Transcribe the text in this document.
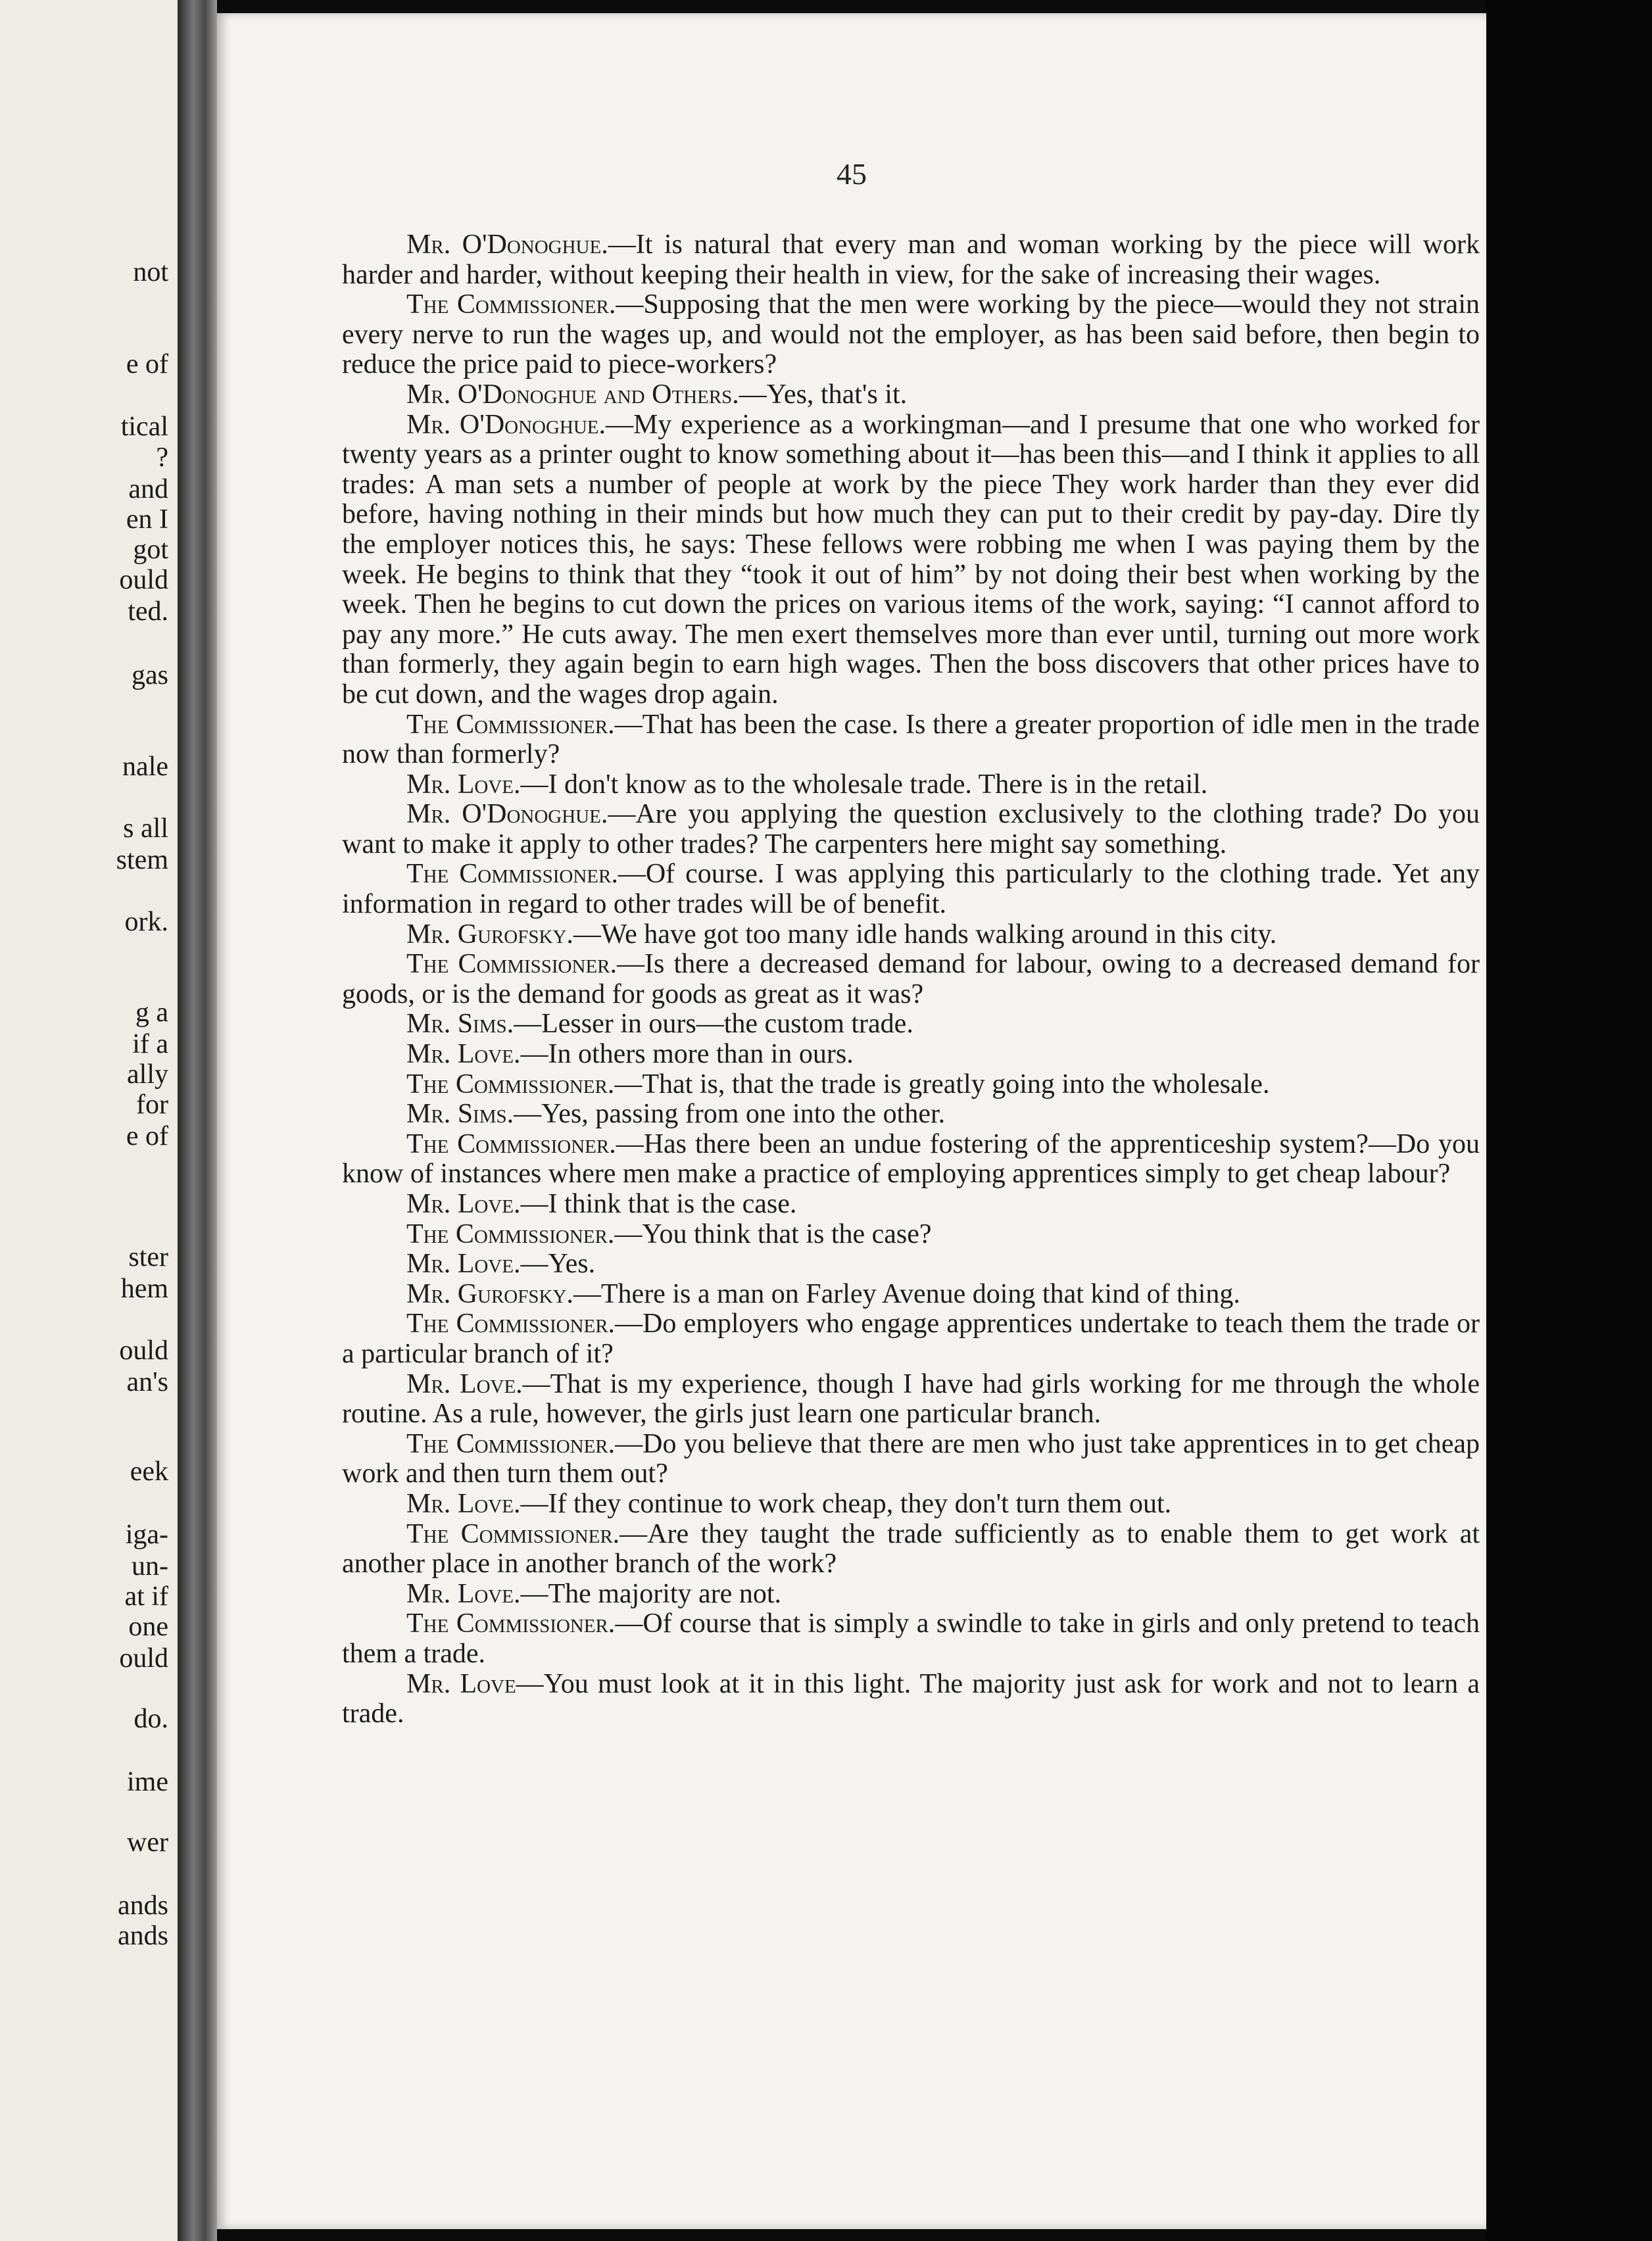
not
e of
tical
?
and
en I
got
ould
ted.
gas
nale
s all
stem
ork.
g a
if a
ally
for
e of
ster
hem
ould
an's
eek
iga-
un-
at if
one
ould
do.
ime
wer
ands
ands
45

Mr. O'Donoghue.—It is natural that every man and woman working by the piece will work harder and harder, without keeping their health in view, for the sake of increasing their wages.

The Commissioner.—Supposing that the men were working by the piece—would they not strain every nerve to run the wages up, and would not the employer, as has been said before, then begin to reduce the price paid to piece-workers?

Mr. O'Donoghue and Others.—Yes, that's it.

Mr. O'Donoghue.—My experience as a workingman—and I presume that one who worked for twenty years as a printer ought to know something about it—has been this—and I think it applies to all trades: A man sets a number of people at work by the piece They work harder than they ever did before, having nothing in their minds but how much they can put to their credit by pay-day. Dire tly the employer notices this, he says: These fellows were robbing me when I was paying them by the week. He begins to think that they “took it out of him” by not doing their best when working by the week. Then he begins to cut down the prices on various items of the work, saying: “I cannot afford to pay any more.” He cuts away. The men exert themselves more than ever until, turning out more work than formerly, they again begin to earn high wages. Then the boss discovers that other prices have to be cut down, and the wages drop again.

The Commissioner.—That has been the case. Is there a greater proportion of idle men in the trade now than formerly?

Mr. Love.—I don't know as to the wholesale trade. There is in the retail.

Mr. O'Donoghue.—Are you applying the question exclusively to the clothing trade? Do you want to make it apply to other trades? The carpenters here might say something.

The Commissioner.—Of course. I was applying this particularly to the clothing trade. Yet any information in regard to other trades will be of benefit.

Mr. Gurofsky.—We have got too many idle hands walking around in this city.

The Commissioner.—Is there a decreased demand for labour, owing to a decreased demand for goods, or is the demand for goods as great as it was?

Mr. Sims.—Lesser in ours—the custom trade.

Mr. Love.—In others more than in ours.

The Commissioner.—That is, that the trade is greatly going into the wholesale.

Mr. Sims.—Yes, passing from one into the other.

The Commissioner.—Has there been an undue fostering of the apprenticeship system?—Do you know of instances where men make a practice of employing apprentices simply to get cheap labour?

Mr. Love.—I think that is the case.

The Commissioner.—You think that is the case?

Mr. Love.—Yes.

Mr. Gurofsky.—There is a man on Farley Avenue doing that kind of thing.

The Commissioner.—Do employers who engage apprentices undertake to teach them the trade or a particular branch of it?

Mr. Love.—That is my experience, though I have had girls working for me through the whole routine. As a rule, however, the girls just learn one particular branch.

The Commissioner.—Do you believe that there are men who just take apprentices in to get cheap work and then turn them out?

Mr. Love.—If they continue to work cheap, they don't turn them out.

The Commissioner.—Are they taught the trade sufficiently as to enable them to get work at another place in another branch of the work?

Mr. Love.—The majority are not.

The Commissioner.—Of course that is simply a swindle to take in girls and only pretend to teach them a trade.

Mr. Love—You must look at it in this light. The majority just ask for work and not to learn a trade.
